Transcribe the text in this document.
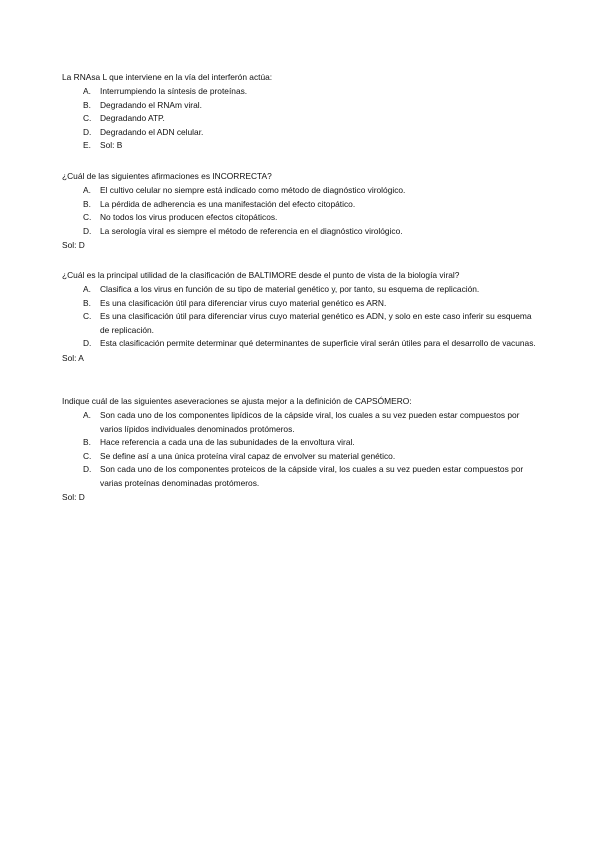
La RNAsa L que interviene en la vía del interferón actúa:

A. Interrumpiendo la síntesis de proteínas.
B. Degradando el RNAm viral.
C. Degradando ATP.
D. Degradando el ADN celular.
E. Sol: B

¿Cuál de las siguientes afirmaciones es INCORRECTA?

A. El cultivo celular no siempre está indicado como método de diagnóstico virológico.
B. La pérdida de adherencia es una manifestación del efecto citopático.
C. No todos los virus producen efectos citopáticos.
D. La serología viral es siempre el método de referencia en el diagnóstico virológico.
Sol: D

¿Cuál es la principal utilidad de la clasificación de BALTIMORE desde el punto de vista de la biología viral?

A. Clasifica a los virus en función de su tipo de material genético y, por tanto, su esquema de replicación.
B. Es una clasificación útil para diferenciar virus cuyo material genético es ARN.
C. Es una clasificación útil para diferenciar virus cuyo material genético es ADN, y solo en este caso inferir su esquema de replicación.
D. Esta clasificación permite determinar qué determinantes de superficie viral serán útiles para el desarrollo de vacunas.
Sol: A

Indique cuál de las siguientes aseveraciones se ajusta mejor a la definición de CAPSÓMERO:

A. Son cada uno de los componentes lipídicos de la cápside viral, los cuales a su vez pueden estar compuestos por varios lípidos individuales denominados protómeros.
B. Hace referencia a cada una de las subunidades de la envoltura viral.
C. Se define así a una única proteína viral capaz de envolver su material genético.
D. Son cada uno de los componentes proteicos de la cápside viral, los cuales a su vez pueden estar compuestos por varias proteínas denominadas protómeros.
Sol: D
